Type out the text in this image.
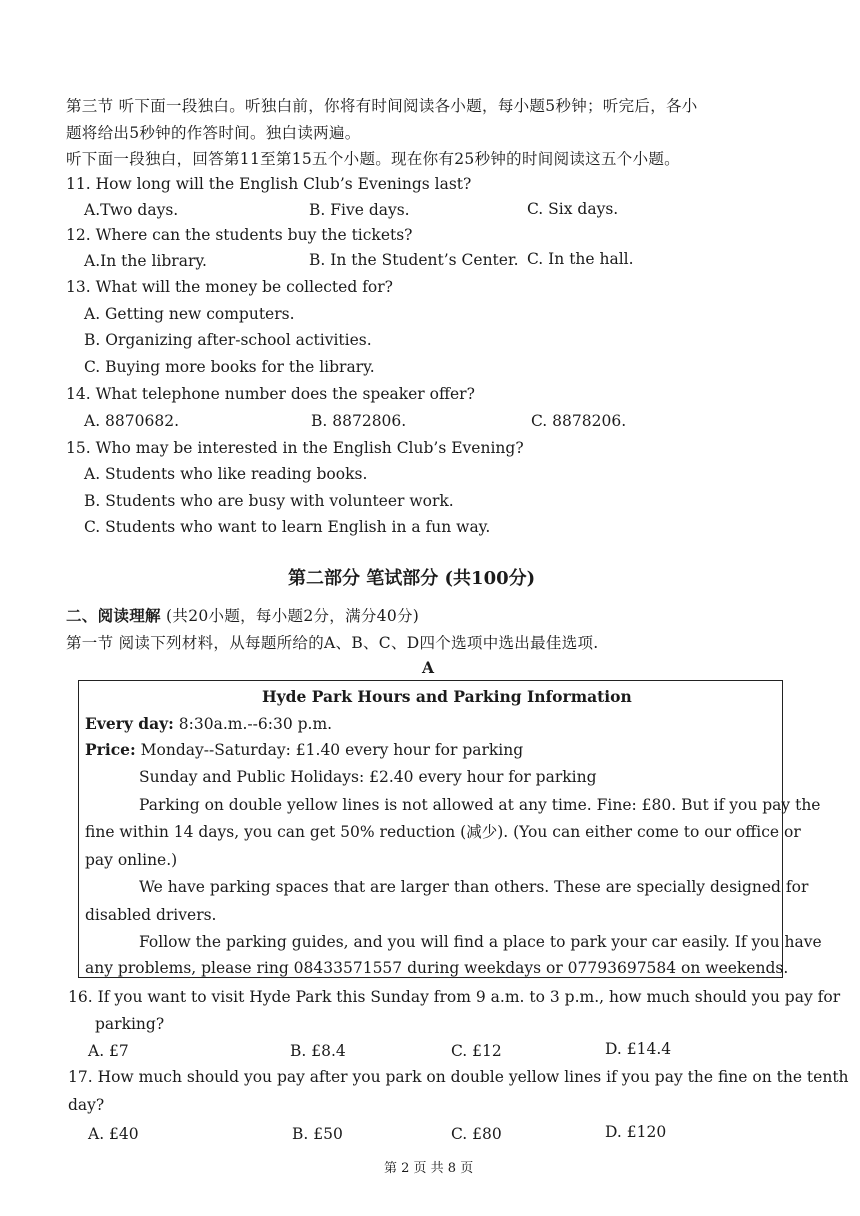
第三节 听下面一段独白。听独白前，你将有时间阅读各小题，每小题5秒钟；听完后，各小
题将给出5秒钟的作答时间。独白读两遍。
听下面一段独白，回答第11至第15五个小题。现在你有25秒钟的时间阅读这五个小题。
11. How long will the English Club’s Evenings last?
A.Two days.	B. Five days.	C. Six days.
12. Where can the students buy the tickets?
A.In the library.	B. In the Student’s Center. C. In the hall.
13. What will the money be collected for?
A. Getting new computers.
B. Organizing after-school activities.
C. Buying more books for the library.
14. What telephone number does the speaker offer?
A. 8870682.	B. 8872806.	C. 8878206.
15. Who may be interested in the English Club’s Evening?
A. Students who like reading books.
B. Students who are busy with volunteer work.
C. Students who want to learn English in a fun way.
第二部分 笔试部分 (共100分)
二、阅读理解 (共20小题，每小题2分，满分40分)
第一节 阅读下列材料，从每题所给的A、B、C、D四个选项中选出最佳选项.
A
Hyde Park Hours and Parking Information
Every day: 8:30a.m.--6:30 p.m.
Price: Monday--Saturday: £1.40 every hour for parking
Sunday and Public Holidays: £2.40 every hour for parking
Parking on double yellow lines is not allowed at any time. Fine: £80. But if you pay the
fine within 14 days, you can get 50% reduction (减少). (You can either come to our office or
pay online.)
We have parking spaces that are larger than others. These are specially designed for
disabled drivers.
Follow the parking guides, and you will find a place to park your car easily. If you have
any problems, please ring 08433571557 during weekdays or 07793697584 on weekends.
16. If you want to visit Hyde Park this Sunday from 9 a.m. to 3 p.m., how much should you pay for
parking?
A. £7	B. £8.4	C. £12	D. £14.4
17. How much should you pay after you park on double yellow lines if you pay the fine on the tenth
day?
A. £40	B. £50	C. £80	D. £120
第 2 页 共 8 页
